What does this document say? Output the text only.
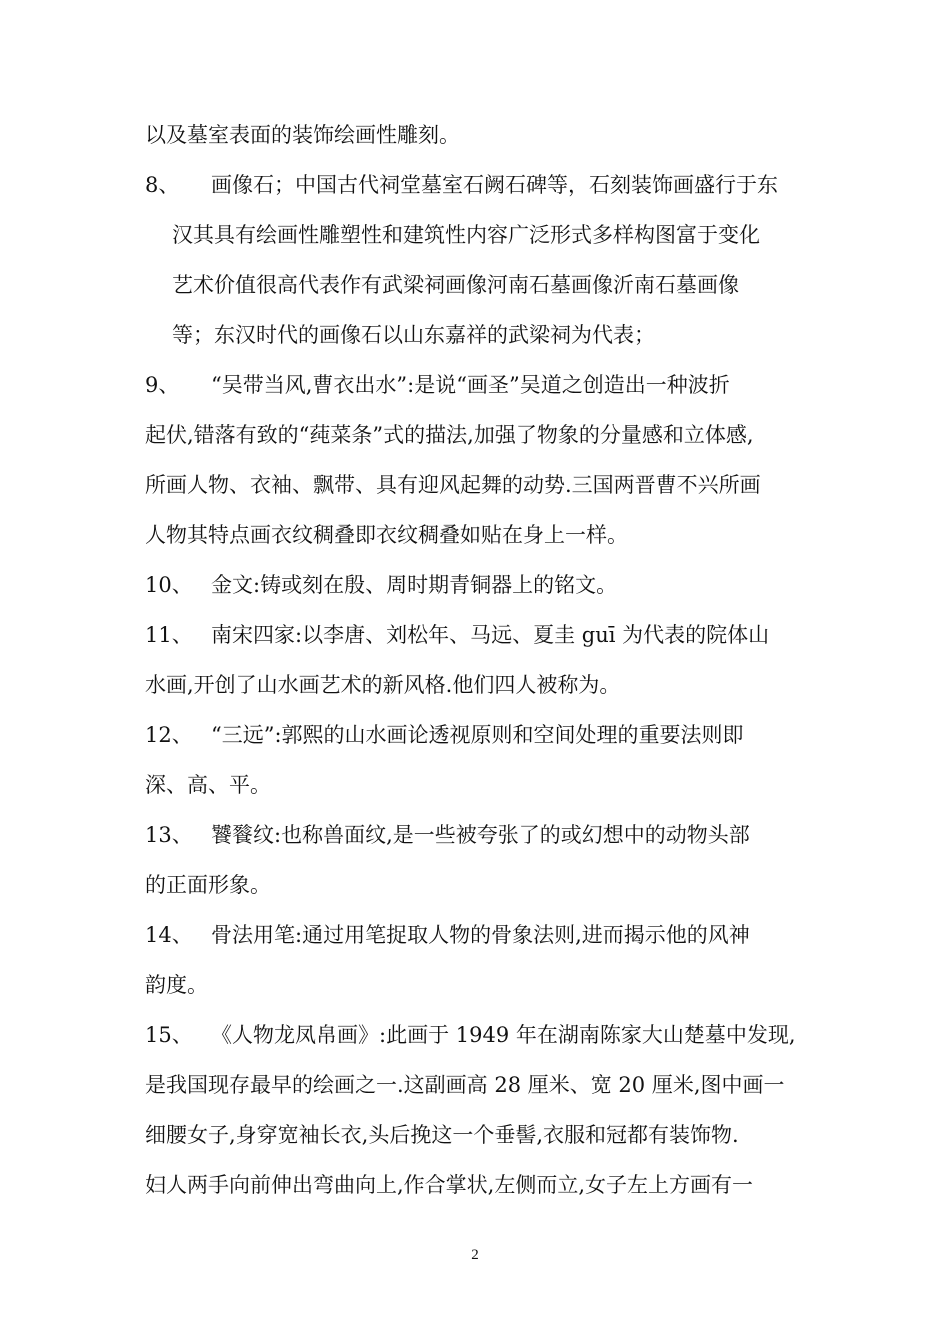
以及墓室表面的装饰绘画性雕刻。
8、 画像石；中国古代祠堂墓室石阙石碑等，石刻装饰画盛行于东
汉其具有绘画性雕塑性和建筑性内容广泛形式多样构图富于变化
艺术价值很高代表作有武梁祠画像河南石墓画像沂南石墓画像
等；东汉时代的画像石以山东嘉祥的武梁祠为代表；
9、 “吴带当风,曹衣出水”:是说“画圣”吴道之创造出一种波折
起伏,错落有致的“莼菜条”式的描法,加强了物象的分量感和立体感,
所画人物、衣袖、飘带、具有迎风起舞的动势.三国两晋曹不兴所画
人物其特点画衣纹稠叠即衣纹稠叠如贴在身上一样。
10、 金文:铸或刻在殷、周时期青铜器上的铭文。
11、 南宋四家:以李唐、刘松年、马远、夏圭 guī 为代表的院体山
水画,开创了山水画艺术的新风格.他们四人被称为。
12、 “三远”:郭熙的山水画论透视原则和空间处理的重要法则即
深、高、平。
13、 饕餮纹:也称兽面纹,是一些被夸张了的或幻想中的动物头部
的正面形象。
14、 骨法用笔:通过用笔捉取人物的骨象法则,进而揭示他的风神
韵度。
15、 《人物龙凤帛画》:此画于 1949 年在湖南陈家大山楚墓中发现,
是我国现存最早的绘画之一.这副画高 28 厘米、宽 20 厘米,图中画一
细腰女子,身穿宽袖长衣,头后挽这一个垂髻,衣服和冠都有装饰物.
妇人两手向前伸出弯曲向上,作合掌状,左侧而立,女子左上方画有一
2
